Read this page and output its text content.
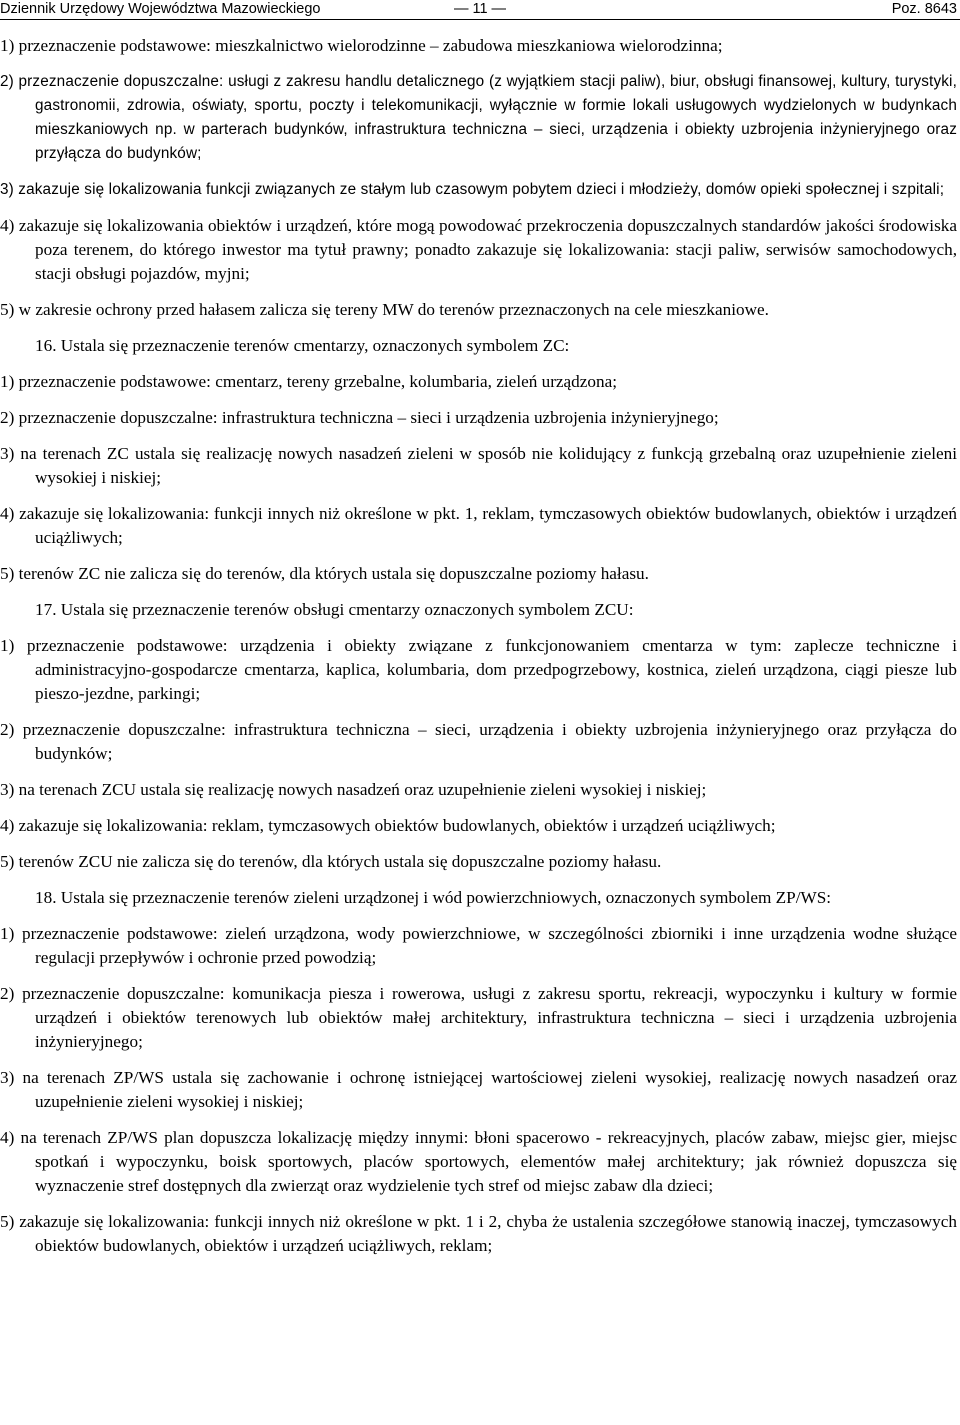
Dziennik Urzędowy Województwa Mazowieckiego	— 11 —	Poz. 8643

1) przeznaczenie podstawowe: mieszkalnictwo wielorodzinne – zabudowa mieszkaniowa wielorodzinna;

2) przeznaczenie dopuszczalne: usługi z zakresu handlu detalicznego (z wyjątkiem stacji paliw), biur, obsługi finansowej, kultury, turystyki, gastronomii, zdrowia, oświaty, sportu, poczty i telekomunikacji, wyłącznie w formie lokali usługowych wydzielonych w budynkach mieszkaniowych np. w parterach budynków, infrastruktura techniczna – sieci, urządzenia i obiekty uzbrojenia inżynieryjnego oraz przyłącza do budynków;

3) zakazuje się lokalizowania funkcji związanych ze stałym lub czasowym pobytem dzieci i młodzieży, domów opieki społecznej i szpitali;

4) zakazuje się lokalizowania obiektów i urządzeń, które mogą powodować przekroczenia dopuszczalnych standardów jakości środowiska poza terenem, do którego inwestor ma tytuł prawny; ponadto zakazuje się lokalizowania: stacji paliw, serwisów samochodowych, stacji obsługi pojazdów, myjni;

5) w zakresie ochrony przed hałasem zalicza się tereny MW do terenów przeznaczonych na cele mieszkaniowe.

16. Ustala się przeznaczenie terenów cmentarzy, oznaczonych symbolem ZC:

1) przeznaczenie podstawowe: cmentarz, tereny grzebalne, kolumbaria, zieleń urządzona;

2) przeznaczenie dopuszczalne: infrastruktura techniczna – sieci i urządzenia uzbrojenia inżynieryjnego;

3) na terenach ZC ustala się realizację nowych nasadzeń zieleni w sposób nie kolidujący z funkcją grzebalną oraz uzupełnienie zieleni wysokiej i niskiej;

4) zakazuje się lokalizowania: funkcji innych niż określone w pkt. 1, reklam, tymczasowych obiektów budowlanych, obiektów i urządzeń uciążliwych;

5) terenów ZC nie zalicza się do terenów, dla których ustala się dopuszczalne poziomy hałasu.

17. Ustala się przeznaczenie terenów obsługi cmentarzy oznaczonych symbolem ZCU:

1) przeznaczenie podstawowe: urządzenia i obiekty związane z funkcjonowaniem cmentarza w tym: zaplecze techniczne i administracyjno-gospodarcze cmentarza, kaplica, kolumbaria, dom przedpogrzebowy, kostnica, zieleń urządzona, ciągi piesze lub pieszo-jezdne, parkingi;

2) przeznaczenie dopuszczalne: infrastruktura techniczna – sieci, urządzenia i obiekty uzbrojenia inżynieryjnego oraz przyłącza do budynków;

3) na terenach ZCU ustala się realizację nowych nasadzeń oraz uzupełnienie zieleni wysokiej i niskiej;

4) zakazuje się lokalizowania: reklam, tymczasowych obiektów budowlanych, obiektów i urządzeń uciążliwych;

5) terenów ZCU nie zalicza się do terenów, dla których ustala się dopuszczalne poziomy hałasu.

18. Ustala się przeznaczenie terenów zieleni urządzonej i wód powierzchniowych, oznaczonych symbolem ZP/WS:

1) przeznaczenie podstawowe: zieleń urządzona, wody powierzchniowe, w szczególności zbiorniki i inne urządzenia wodne służące regulacji przepływów i ochronie przed powodzią;

2) przeznaczenie dopuszczalne: komunikacja piesza i rowerowa, usługi z zakresu sportu, rekreacji, wypoczynku i kultury w formie urządzeń i obiektów terenowych lub obiektów małej architektury, infrastruktura techniczna – sieci i urządzenia uzbrojenia inżynieryjnego;

3) na terenach ZP/WS ustala się zachowanie i ochronę istniejącej wartościowej zieleni wysokiej, realizację nowych nasadzeń oraz uzupełnienie zieleni wysokiej i niskiej;

4) na terenach ZP/WS plan dopuszcza lokalizację między innymi: błoni spacerowo - rekreacyjnych, placów zabaw, miejsc gier, miejsc spotkań i wypoczynku, boisk sportowych, placów sportowych, elementów małej architektury; jak również dopuszcza się wyznaczenie stref dostępnych dla zwierząt oraz wydzielenie tych stref od miejsc zabaw dla dzieci;

5) zakazuje się lokalizowania: funkcji innych niż określone w pkt. 1 i 2, chyba że ustalenia szczegółowe stanowią inaczej, tymczasowych obiektów budowlanych, obiektów i urządzeń uciążliwych, reklam;
